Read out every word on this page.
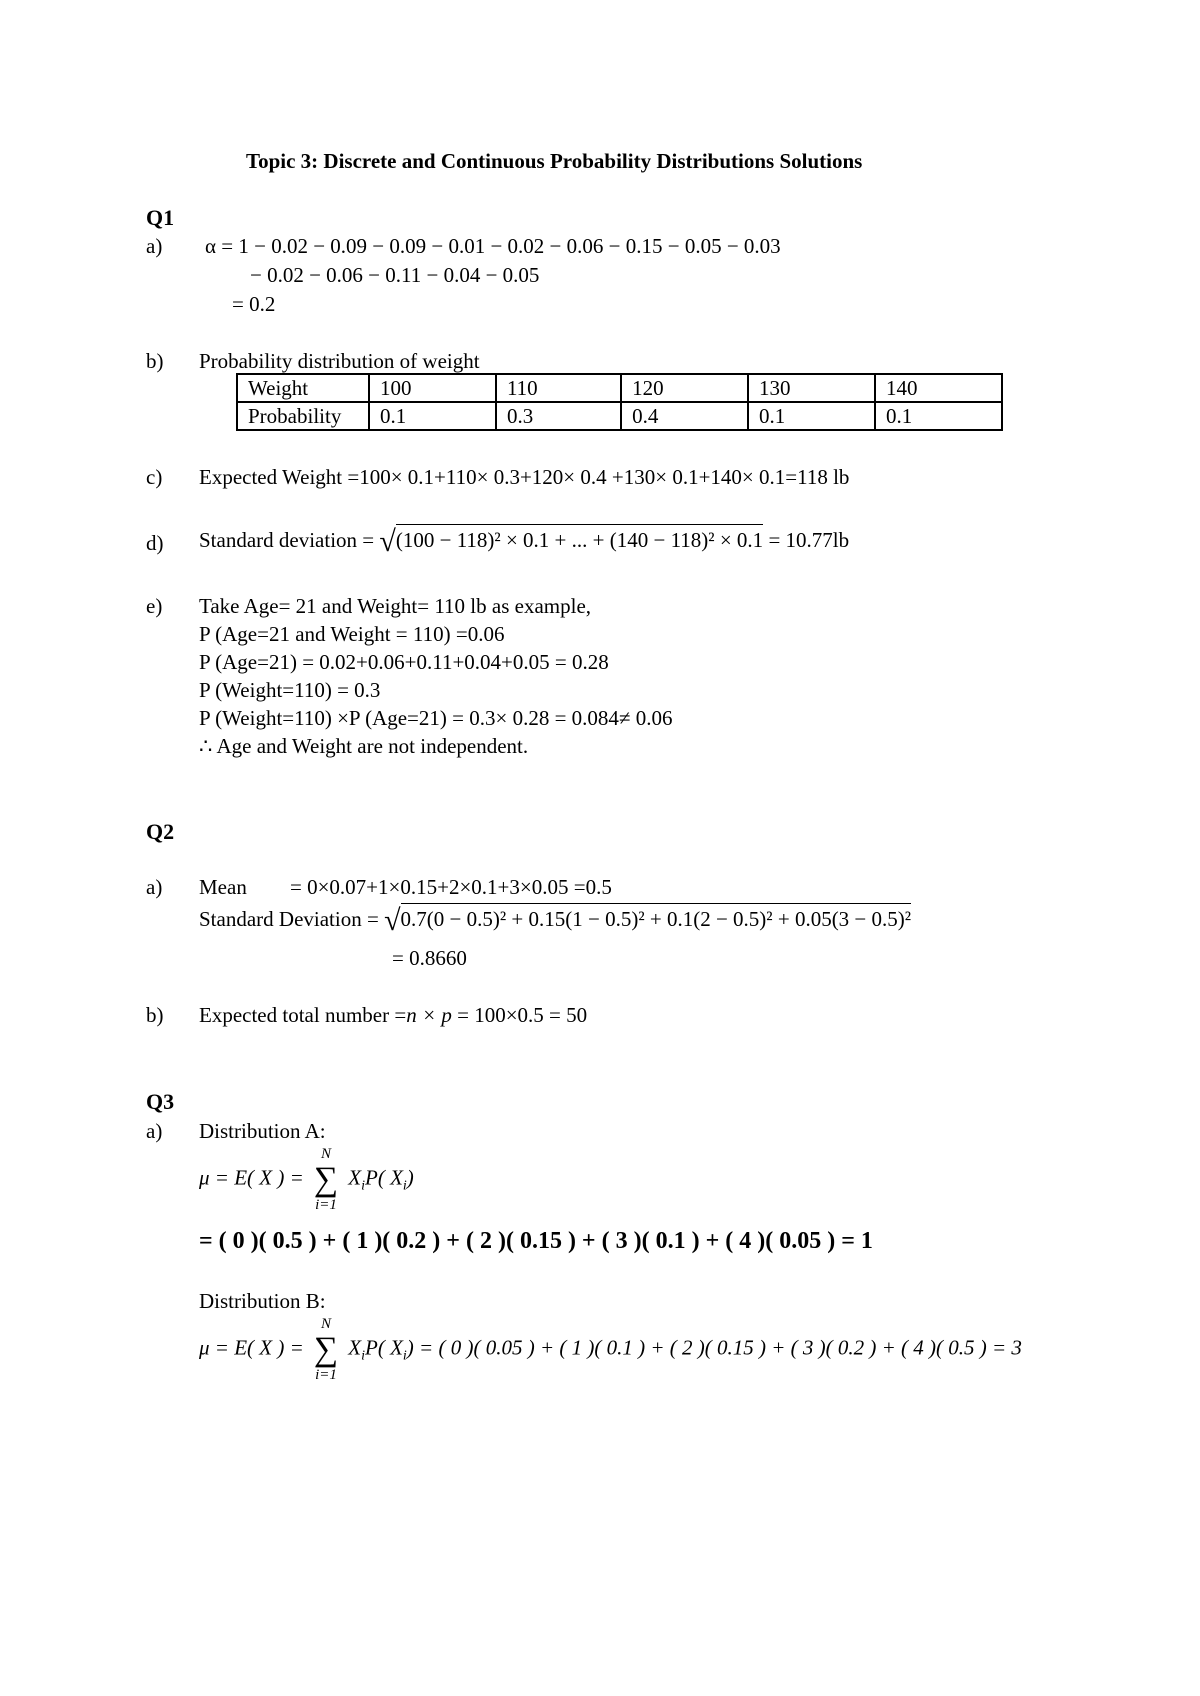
Topic 3: Discrete and Continuous Probability Distributions Solutions
Q1
a) α = 1 − 0.02 − 0.09 − 0.09 − 0.01 − 0.02 − 0.06 − 0.15 − 0.05 − 0.03
− 0.02 − 0.06 − 0.11 − 0.04 − 0.05
= 0.2
b) Probability distribution of weight
Weight	100	110	120	130	140
Probability	0.1	0.3	0.4	0.1	0.1
c) Expected Weight =100× 0.1+110× 0.3+120× 0.4 +130× 0.1+140× 0.1=118 lb
d) Standard deviation = √(100 − 118)² × 0.1 + ... + (140 − 118)² × 0.1 = 10.77lb
e) Take Age= 21 and Weight= 110 lb as example,
P (Age=21 and Weight = 110) =0.06
P (Age=21) = 0.02+0.06+0.11+0.04+0.05 = 0.28
P (Weight=110) = 0.3
P (Weight=110) ×P (Age=21) = 0.3× 0.28 = 0.084≠ 0.06
∴ Age and Weight are not independent.
Q2
a) Mean = 0×0.07+1×0.15+2×0.1+3×0.05 =0.5
Standard Deviation = √0.7(0 − 0.5)² + 0.15(1 − 0.5)² + 0.1(2 − 0.5)² + 0.05(3 − 0.5)²
= 0.8660
b) Expected total number =n × p = 100×0.5 = 50
Q3
a) Distribution A:
μ = E( X ) =
N
∑
i=1
$X_iP$( $X_i$)
= ( 0 )( 0.5 ) + ( 1 )( 0.2 ) + ( 2 )( 0.15 ) + ( 3 )( 0.1 ) + ( 4 )( 0.05 ) = 1
Distribution B:
μ = E( X ) =
N
∑
i=1
$X_iP$( $X_i$) = ( 0 )( 0.05 ) + ( 1 )( 0.1 ) + ( 2 )( 0.15 ) + ( 3 )( 0.2 ) + ( 4 )( 0.5 ) = 3
